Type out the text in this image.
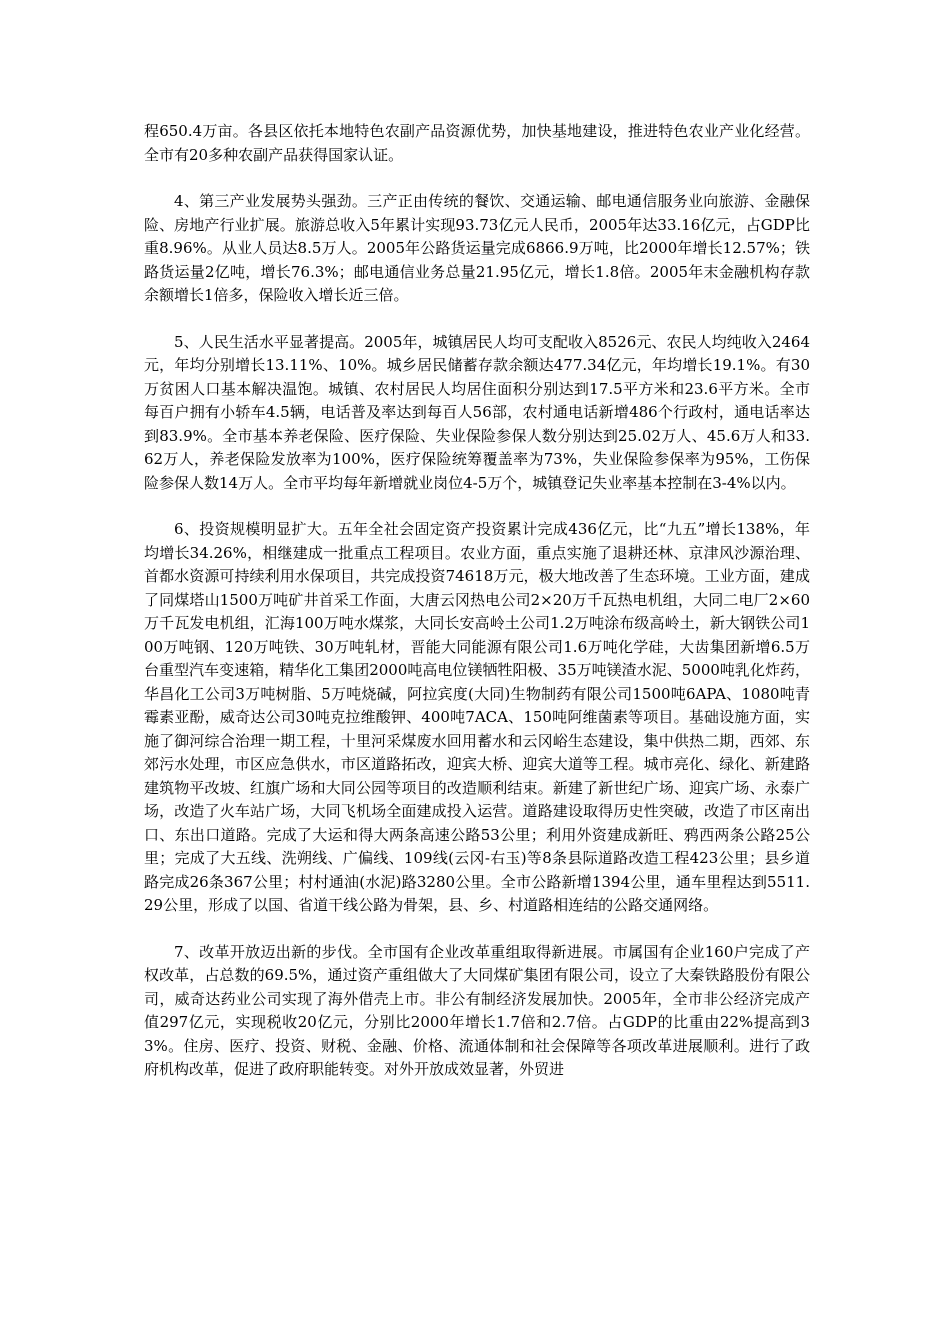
程650.4万亩。各县区依托本地特色农副产品资源优势，加快基地建设，推进特色农业产业化经营。全市有20多种农副产品获得国家认证。

4、第三产业发展势头强劲。三产正由传统的餐饮、交通运输、邮电通信服务业向旅游、金融保险、房地产行业扩展。旅游总收入5年累计实现93.73亿元人民币，2005年达33.16亿元，占GDP比重8.96%。从业人员达8.5万人。2005年公路货运量完成6866.9万吨，比2000年增长12.57%；铁路货运量2亿吨，增长76.3%；邮电通信业务总量21.95亿元，增长1.8倍。2005年末金融机构存款余额增长1倍多，保险收入增长近三倍。

5、人民生活水平显著提高。2005年，城镇居民人均可支配收入8526元、农民人均纯收入2464元，年均分别增长13.11%、10%。城乡居民储蓄存款余额达477.34亿元，年均增长19.1%。有30万贫困人口基本解决温饱。城镇、农村居民人均居住面积分别达到17.5平方米和23.6平方米。全市每百户拥有小轿车4.5辆，电话普及率达到每百人56部，农村通电话新增486个行政村，通电话率达到83.9%。全市基本养老保险、医疗保险、失业保险参保人数分别达到25.02万人、45.6万人和33.62万人，养老保险发放率为100%，医疗保险统筹覆盖率为73%，失业保险参保率为95%，工伤保险参保人数14万人。全市平均每年新增就业岗位4-5万个，城镇登记失业率基本控制在3-4%以内。

6、投资规模明显扩大。五年全社会固定资产投资累计完成436亿元，比“九五”增长138%，年均增长34.26%，相继建成一批重点工程项目。农业方面，重点实施了退耕还林、京津风沙源治理、首都水资源可持续利用水保项目，共完成投资74618万元，极大地改善了生态环境。工业方面，建成了同煤塔山1500万吨矿井首采工作面，大唐云冈热电公司2×20万千瓦热电机组，大同二电厂2×60万千瓦发电机组，汇海100万吨水煤浆，大同长安高岭土公司1.2万吨涂布级高岭土，新大钢铁公司100万吨钢、120万吨铁、30万吨轧材，晋能大同能源有限公司1.6万吨化学硅，大齿集团新增6.5万台重型汽车变速箱，精华化工集团2000吨高电位镁牺牲阳极、35万吨镁渣水泥、5000吨乳化炸药，华昌化工公司3万吨树脂、5万吨烧碱，阿拉宾度(大同)生物制药有限公司1500吨6APA、1080吨青霉素亚酚，威奇达公司30吨克拉维酸钾、400吨7ACA、150吨阿维菌素等项目。基础设施方面，实施了御河综合治理一期工程，十里河采煤废水回用蓄水和云冈峪生态建设，集中供热二期，西郊、东郊污水处理，市区应急供水，市区道路拓改，迎宾大桥、迎宾大道等工程。城市亮化、绿化、新建路建筑物平改坡、红旗广场和大同公园等项目的改造顺利结束。新建了新世纪广场、迎宾广场、永泰广场，改造了火车站广场，大同飞机场全面建成投入运营。道路建设取得历史性突破，改造了市区南出口、东出口道路。完成了大运和得大两条高速公路53公里；利用外资建成新旺、鸦西两条公路25公里；完成了大五线、洗朔线、广偏线、109线(云冈-右玉)等8条县际道路改造工程423公里；县乡道路完成26条367公里；村村通油(水泥)路3280公里。全市公路新增1394公里，通车里程达到5511.29公里，形成了以国、省道干线公路为骨架，县、乡、村道路相连结的公路交通网络。

7、改革开放迈出新的步伐。全市国有企业改革重组取得新进展。市属国有企业160户完成了产权改革，占总数的69.5%，通过资产重组做大了大同煤矿集团有限公司，设立了大秦铁路股份有限公司，威奇达药业公司实现了海外借壳上市。非公有制经济发展加快。2005年，全市非公经济完成产值297亿元，实现税收20亿元，分别比2000年增长1.7倍和2.7倍。占GDP的比重由22%提高到33%。住房、医疗、投资、财税、金融、价格、流通体制和社会保障等各项改革进展顺利。进行了政府机构改革，促进了政府职能转变。对外开放成效显著，外贸进
